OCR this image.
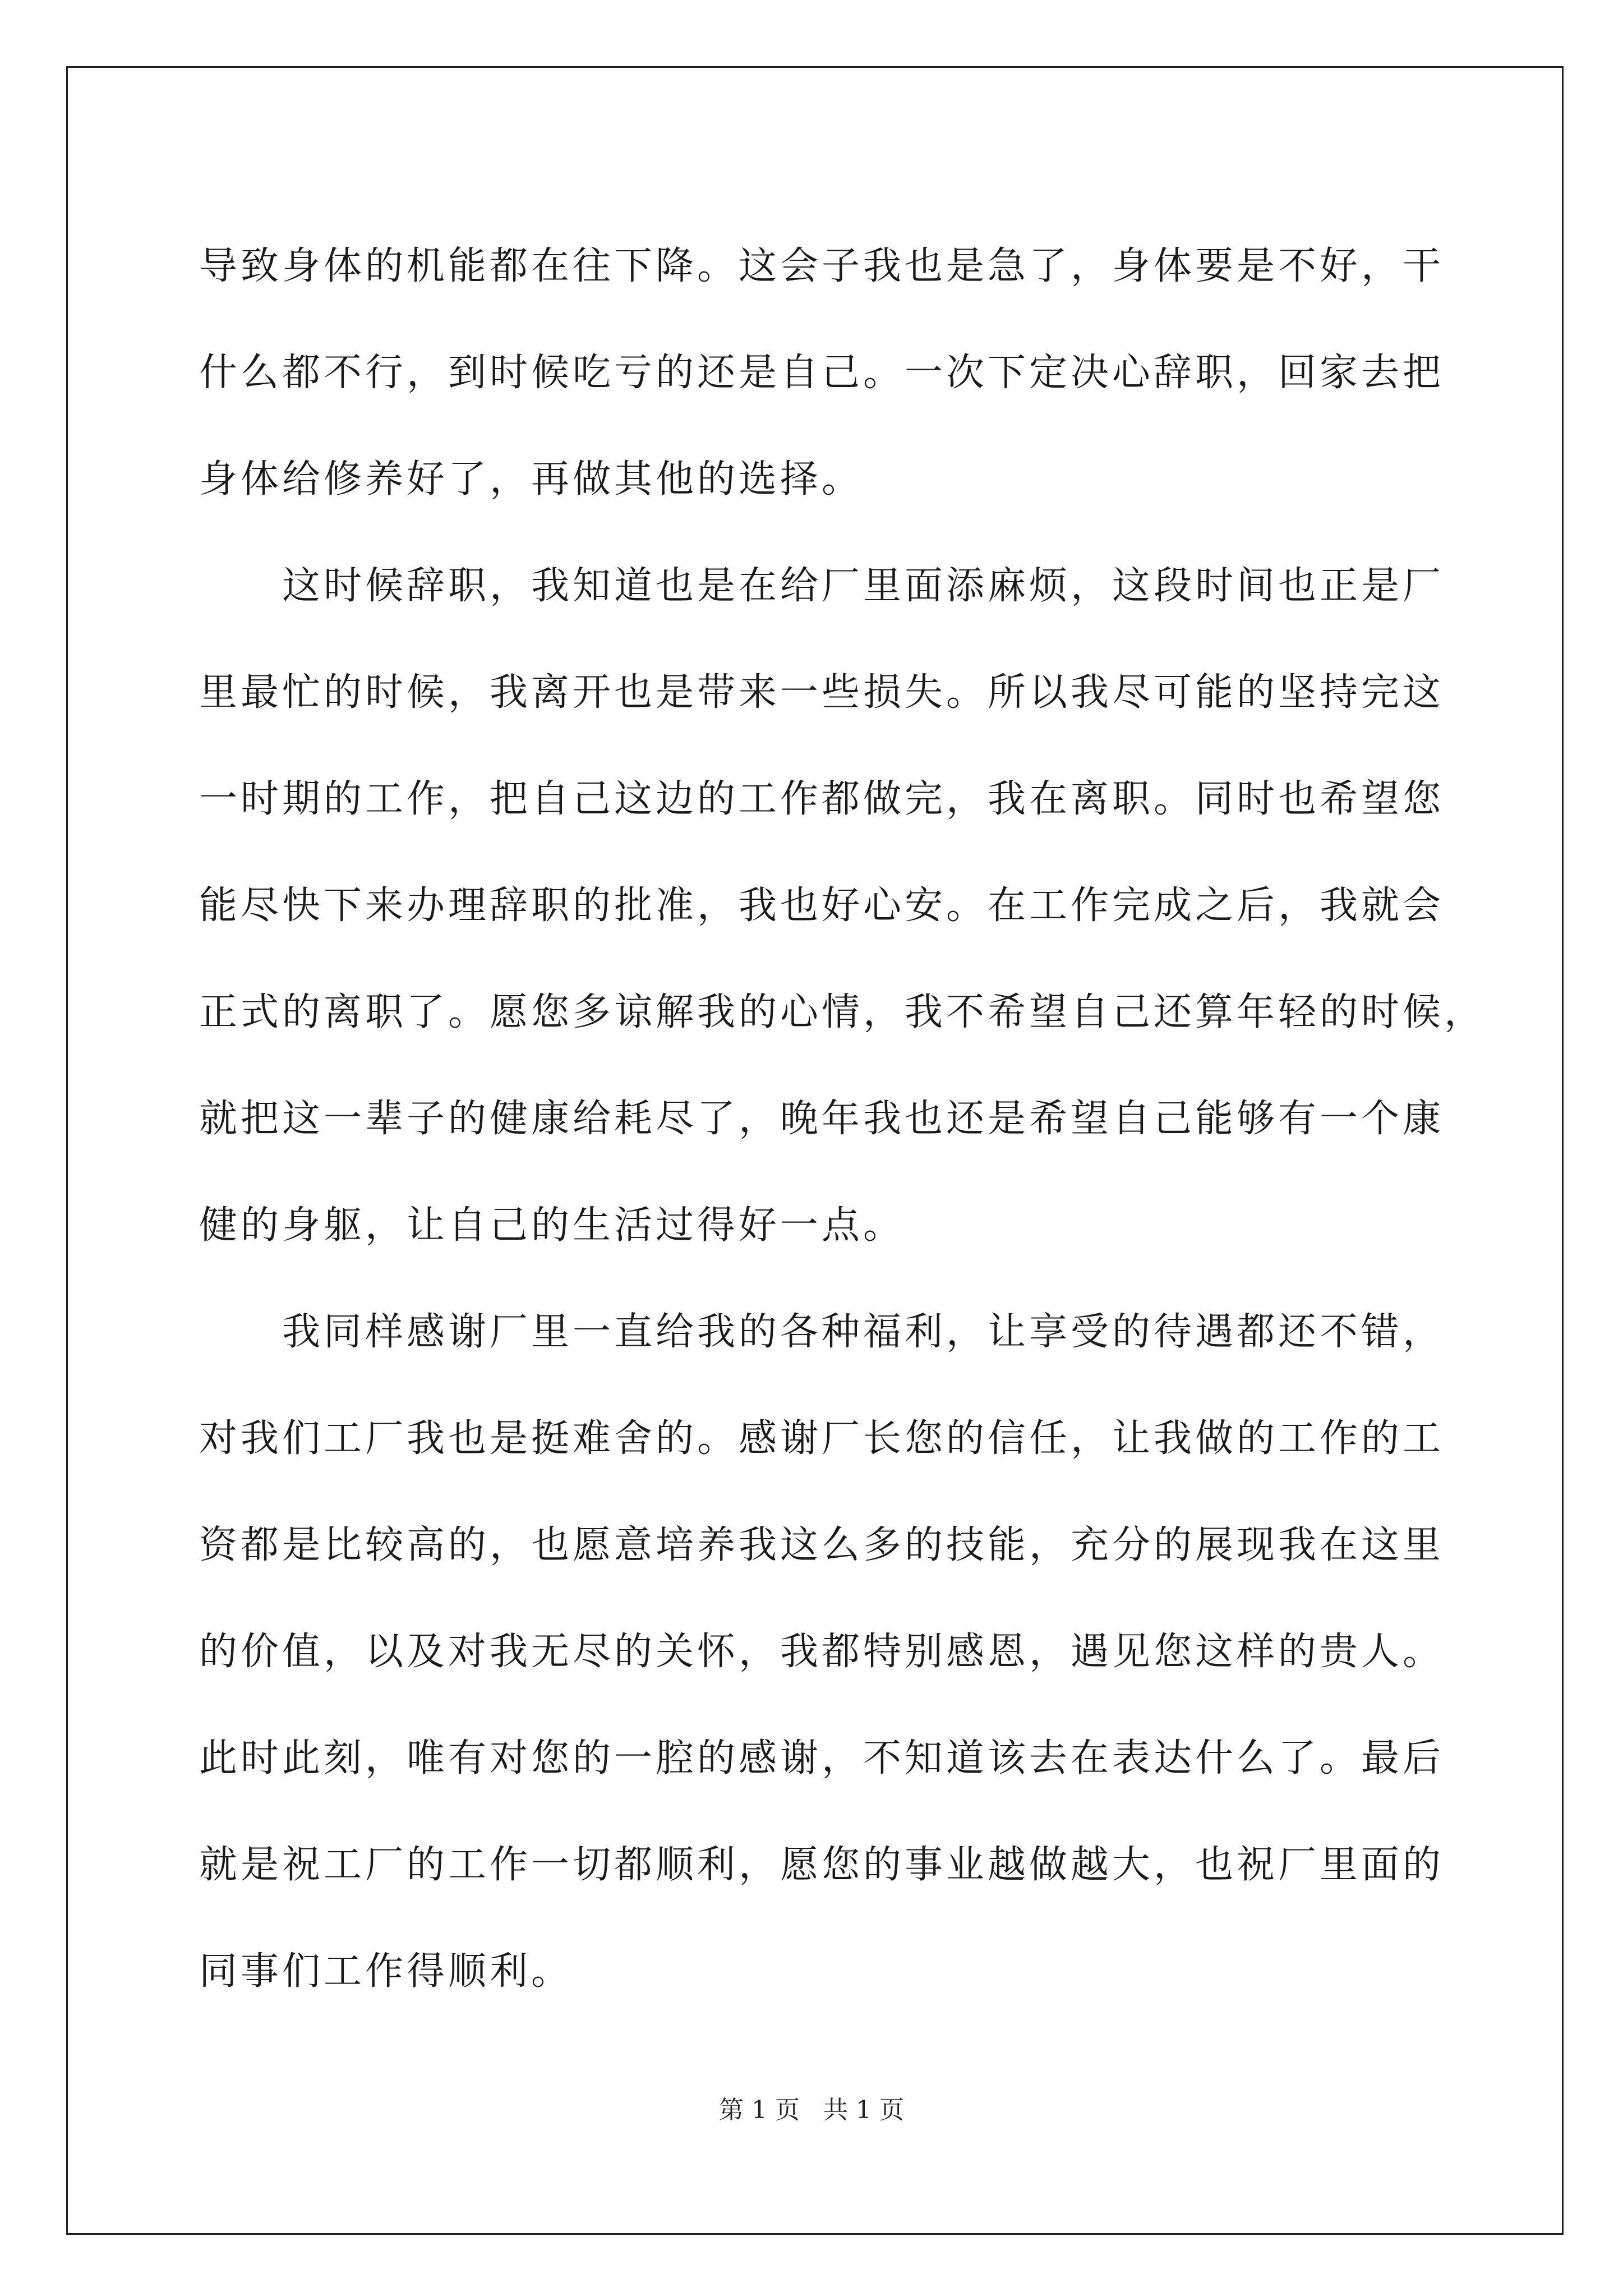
导致身体的机能都在往下降。这会子我也是急了，身体要是不好，干
什么都不行，到时候吃亏的还是自己。一次下定决心辞职，回家去把
身体给修养好了，再做其他的选择。
这时候辞职，我知道也是在给厂里面添麻烦，这段时间也正是厂
里最忙的时候，我离开也是带来一些损失。所以我尽可能的坚持完这
一时期的工作，把自己这边的工作都做完，我在离职。同时也希望您
能尽快下来办理辞职的批准，我也好心安。在工作完成之后，我就会
正式的离职了。愿您多谅解我的心情，我不希望自己还算年轻的时候，
就把这一辈子的健康给耗尽了，晚年我也还是希望自己能够有一个康
健的身躯，让自己的生活过得好一点。
我同样感谢厂里一直给我的各种福利，让享受的待遇都还不错，
对我们工厂我也是挺难舍的。感谢厂长您的信任，让我做的工作的工
资都是比较高的，也愿意培养我这么多的技能，充分的展现我在这里
的价值，以及对我无尽的关怀，我都特别感恩，遇见您这样的贵人。
此时此刻，唯有对您的一腔的感谢，不知道该去在表达什么了。最后
就是祝工厂的工作一切都顺利，愿您的事业越做越大，也祝厂里面的
同事们工作得顺利。
第 1 页   共 1 页
